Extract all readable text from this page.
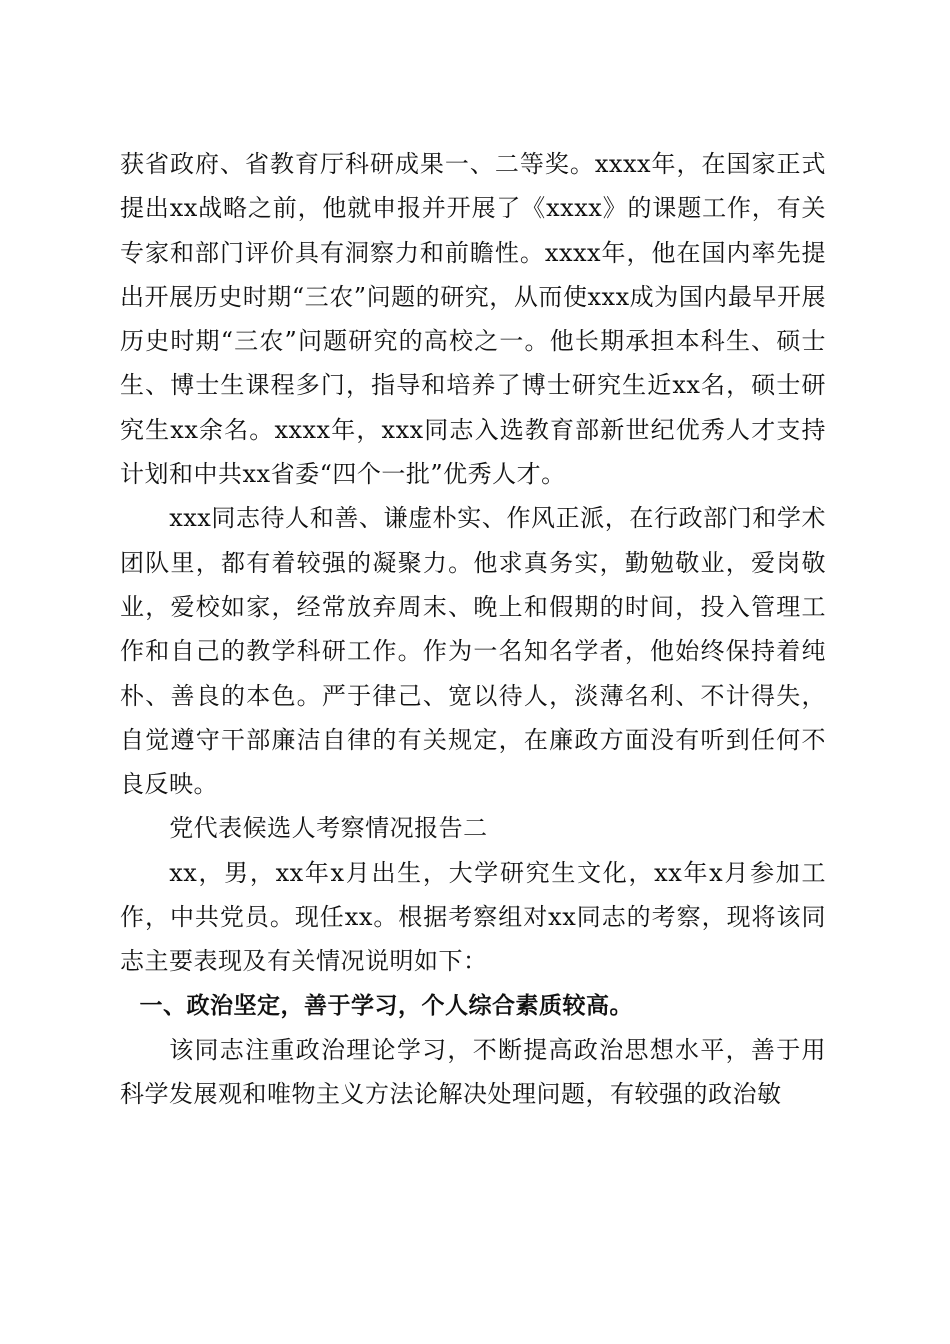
获省政府、省教育厅科研成果一、二等奖。xxxx年，在国家正式提出xx战略之前，他就申报并开展了《xxxx》的课题工作，有关专家和部门评价具有洞察力和前瞻性。xxxx年，他在国内率先提出开展历史时期“三农”问题的研究，从而使xxx成为国内最早开展历史时期“三农”问题研究的高校之一。他长期承担本科生、硕士生、博士生课程多门，指导和培养了博士研究生近xx名，硕士研究生xx余名。xxxx年，xxx同志入选教育部新世纪优秀人才支持计划和中共xx省委“四个一批”优秀人才。

xxx同志待人和善、谦虚朴实、作风正派，在行政部门和学术团队里，都有着较强的凝聚力。他求真务实，勤勉敬业，爱岗敬业，爱校如家，经常放弃周末、晚上和假期的时间，投入管理工作和自己的教学科研工作。作为一名知名学者，他始终保持着纯朴、善良的本色。严于律己、宽以待人，淡薄名利、不计得失，自觉遵守干部廉洁自律的有关规定，在廉政方面没有听到任何不良反映。

党代表候选人考察情况报告二

xx，男，xx年x月出生，大学研究生文化，xx年x月参加工作，中共党员。现任xx。根据考察组对xx同志的考察，现将该同志主要表现及有关情况说明如下：

一、政治坚定，善于学习，个人综合素质较高。

该同志注重政治理论学习，不断提高政治思想水平，善于用科学发展观和唯物主义方法论解决处理问题，有较强的政治敏
